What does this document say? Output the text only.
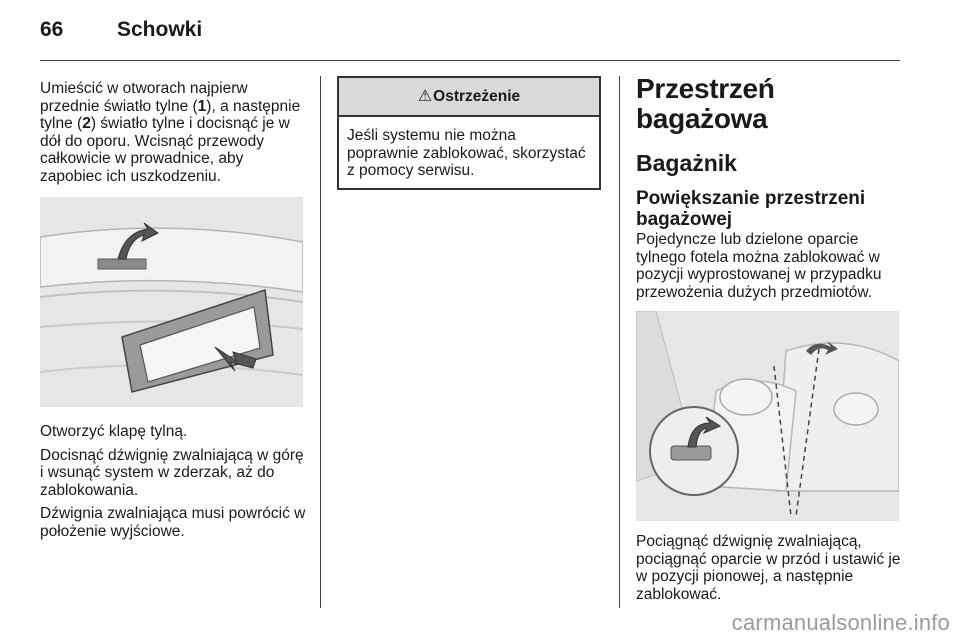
66	Schowki

Umieścić w otworach najpierw przednie światło tylne (1), a następnie tylne (2) światło tylne i docisnąć je w dół do oporu. Wcisnąć przewody całkowicie w prowadnice, aby zapobiec ich uszkodzeniu.

Otworzyć klapę tylną.

Docisnąć dźwignię zwalniającą w górę i wsunąć system w zderzak, aż do zablokowania.

Dźwignia zwalniająca musi powrócić w położenie wyjściowe.

⚠Ostrzeżenie
Jeśli systemu nie można poprawnie zablokować, skorzystać z pomocy serwisu.
Przestrzeń bagażowa
Bagażnik
Powiększanie przestrzeni bagażowej

Pojedyncze lub dzielone oparcie tylnego fotela można zablokować w pozycji wyprostowanej w przypadku przewożenia dużych przedmiotów.

Pociągnąć dźwignię zwalniającą, pociągnąć oparcie w przód i ustawić je w pozycji pionowej, a następnie zablokować.

carmanualsonline.info
